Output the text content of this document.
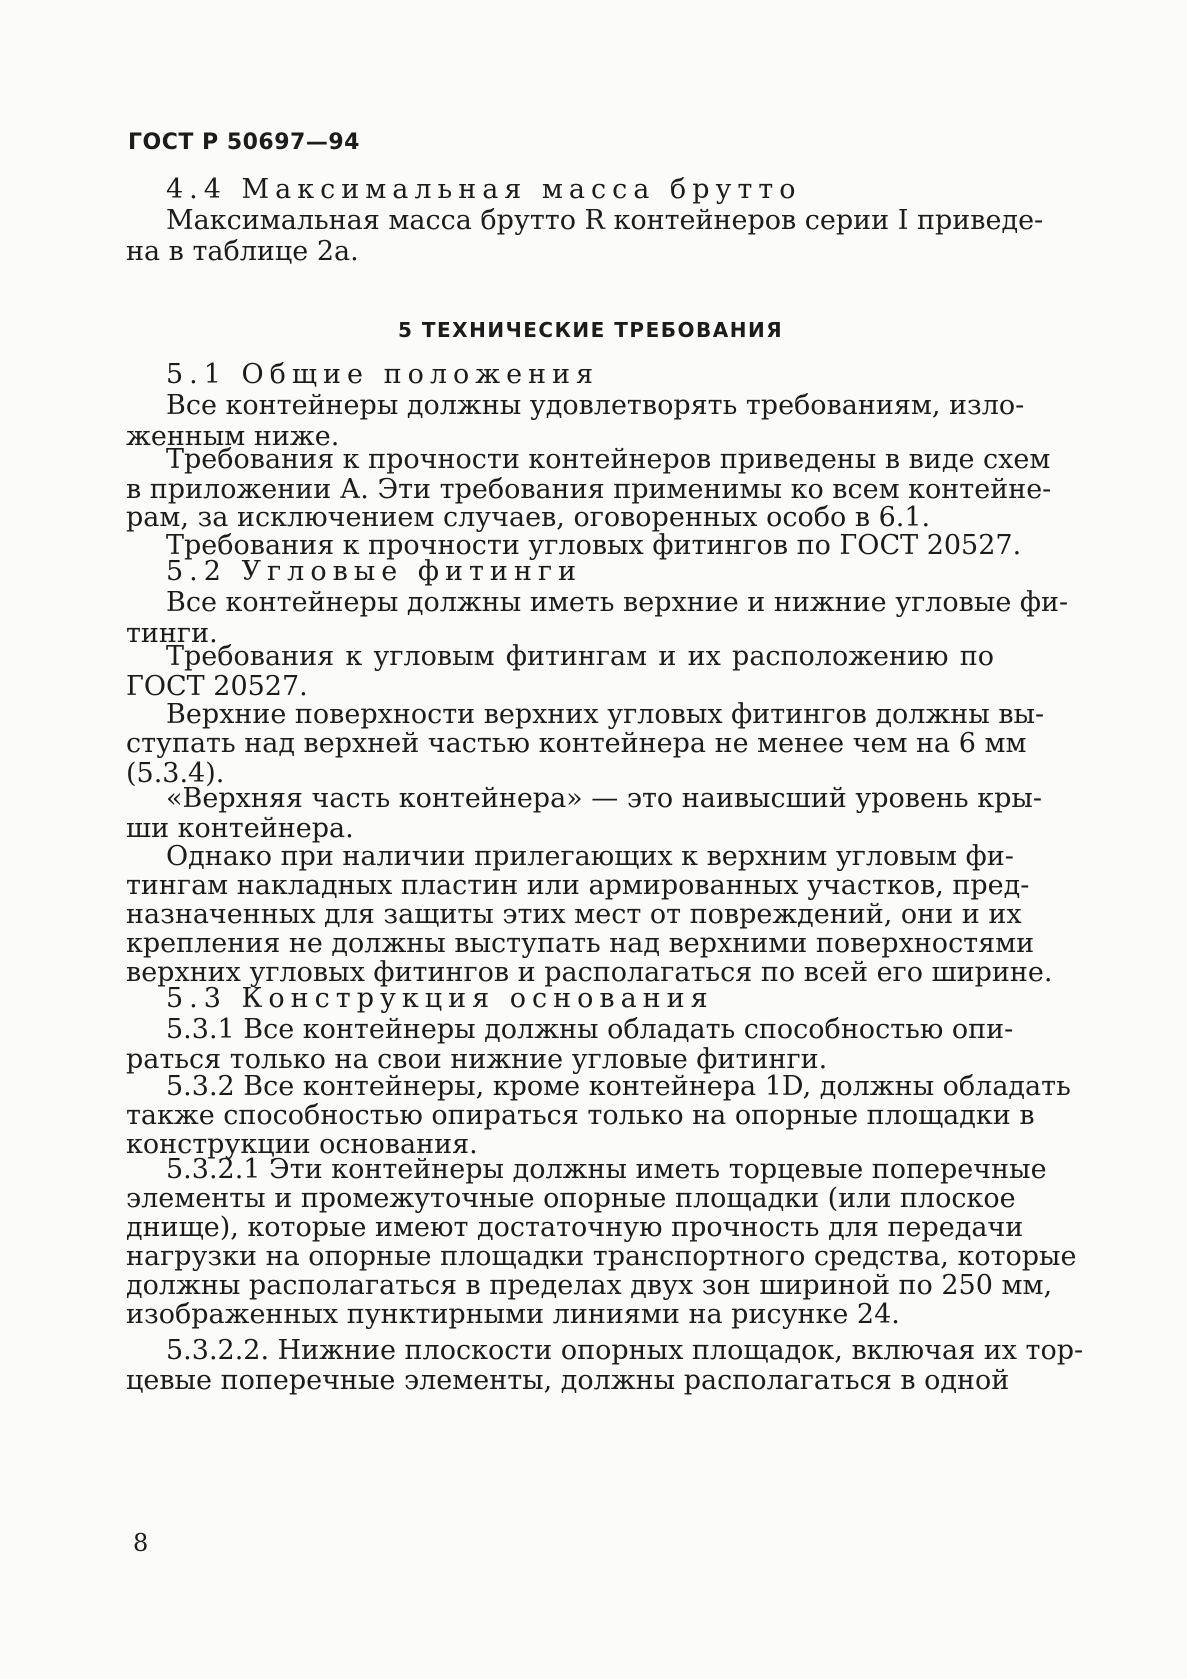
ГОСТ Р 50697—94
4.4 Максимальная масса брутто
Максимальная масса брутто R контейнеров серии I приведе-
на в таблице 2а.
5 ТЕХНИЧЕСКИЕ ТРЕБОВАНИЯ
5.1 Общие положения
Все контейнеры должны удовлетворять требованиям, изло-
женным ниже.
Требования к прочности контейнеров приведены в виде схем
в приложении А. Эти требования применимы ко всем контейне-
рам, за исключением случаев, оговоренных особо в 6.1.
Требования к прочности угловых фитингов по ГОСТ 20527.
5.2 Угловые фитинги
Все контейнеры должны иметь верхние и нижние угловые фи-
тинги.
Требования к угловым фитингам и их расположению по
ГОСТ 20527.
Верхние поверхности верхних угловых фитингов должны вы-
ступать над верхней частью контейнера не менее чем на 6 мм
(5.3.4).
«Верхняя часть контейнера» — это наивысший уровень кры-
ши контейнера.
Однако при наличии прилегающих к верхним угловым фи-
тингам накладных пластин или армированных участков, пред-
назначенных для защиты этих мест от повреждений, они и их
крепления не должны выступать над верхними поверхностями
верхних угловых фитингов и располагаться по всей его ширине.
5.3 Конструкция основания
5.3.1 Все контейнеры должны обладать способностью опи-
раться только на свои нижние угловые фитинги.
5.3.2 Все контейнеры, кроме контейнера 1D, должны обладать
также способностью опираться только на опорные площадки в
конструкции основания.
5.3.2.1 Эти контейнеры должны иметь торцевые поперечные
элементы и промежуточные опорные площадки (или плоское
днище), которые имеют достаточную прочность для передачи
нагрузки на опорные площадки транспортного средства, которые
должны располагаться в пределах двух зон шириной по 250 мм,
изображенных пунктирными линиями на рисунке 24.
5.3.2.2. Нижние плоскости опорных площадок, включая их тор-
цевые поперечные элементы, должны располагаться в одной
8
